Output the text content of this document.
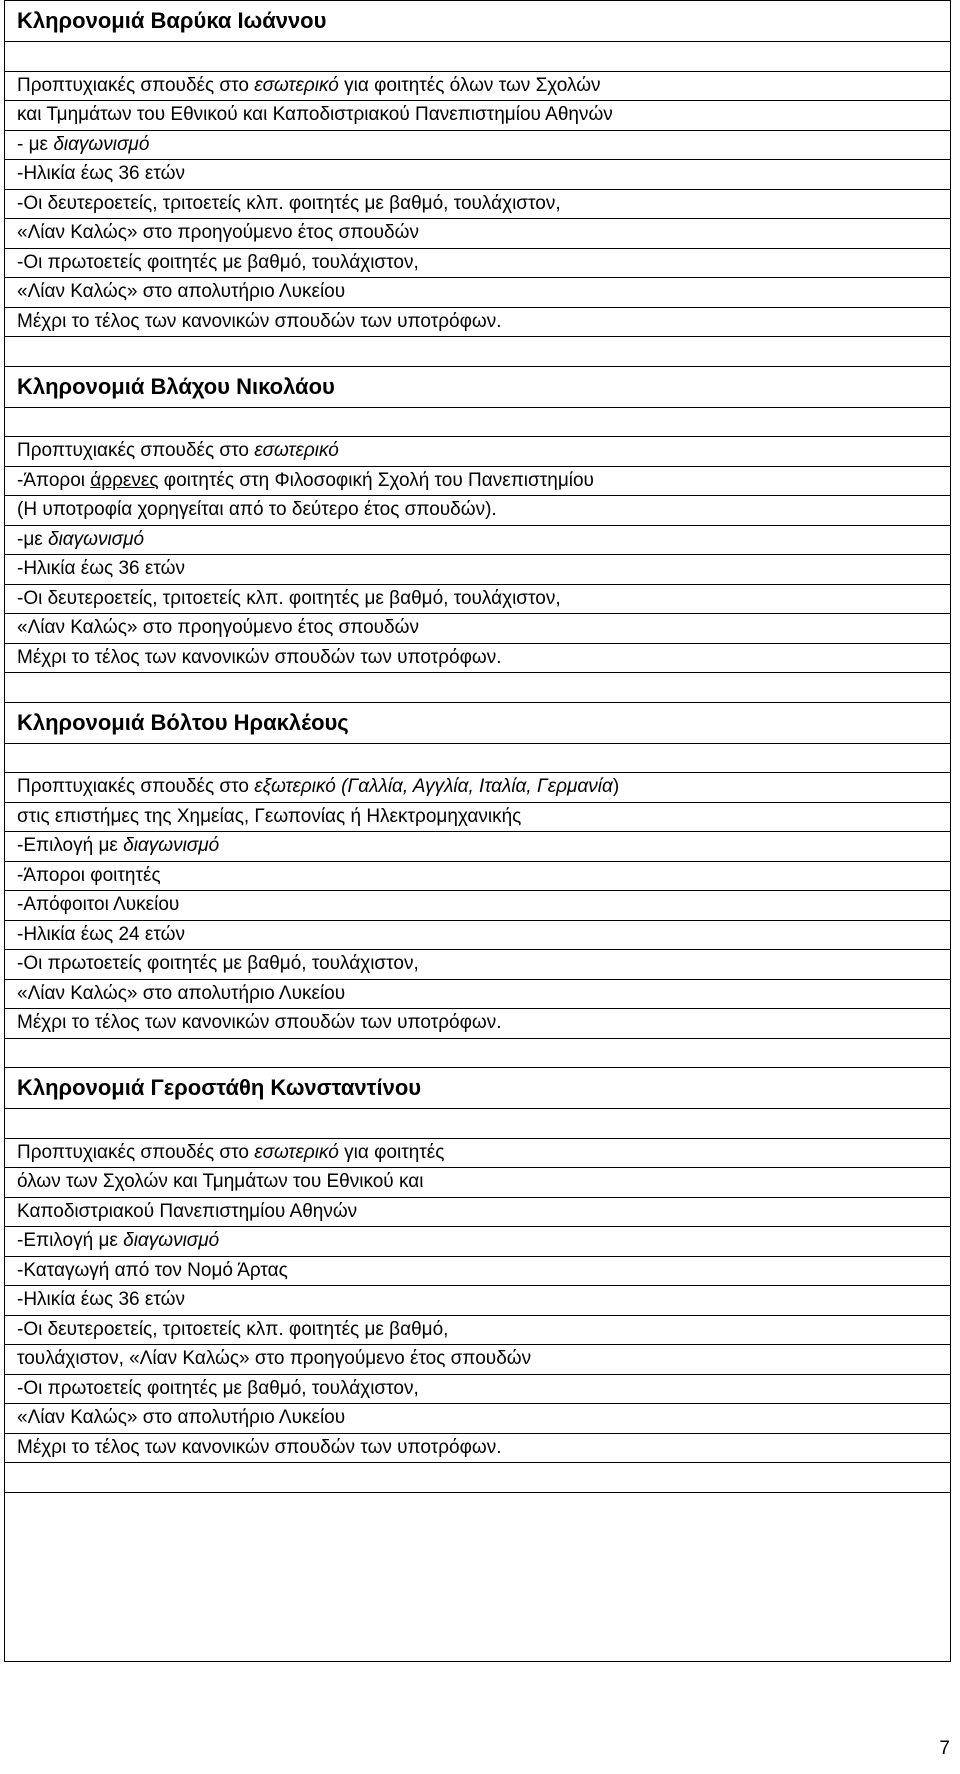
Κληρονομιά Βαρύκα Ιωάννου

Προπτυχιακές σπουδές στο εσωτερικό για φοιτητές όλων των Σχολών
και Τμημάτων του Εθνικού και Καποδιστριακού Πανεπιστημίου Αθηνών
- με διαγωνισμό
-Ηλικία έως 36 ετών
-Οι δευτεροετείς, τριτοετείς κλπ. φοιτητές με βαθμό, τουλάχιστον,
«Λίαν Καλώς» στο προηγούμενο έτος σπουδών
-Οι πρωτοετείς φοιτητές με βαθμό, τουλάχιστον,
«Λίαν Καλώς» στο απολυτήριο Λυκείου
Μέχρι το τέλος των κανονικών σπουδών των υποτρόφων.

Κληρονομιά Βλάχου Νικολάου

Προπτυχιακές σπουδές στο εσωτερικό
-Άποροι άρρενες φοιτητές στη Φιλοσοφική Σχολή του Πανεπιστημίου
(Η υποτροφία χορηγείται από το δεύτερο έτος σπουδών).
-με διαγωνισμό
-Ηλικία έως 36 ετών
-Οι δευτεροετείς, τριτοετείς κλπ. φοιτητές με βαθμό, τουλάχιστον,
«Λίαν Καλώς» στο προηγούμενο έτος σπουδών
Μέχρι το τέλος των κανονικών σπουδών των υποτρόφων.

Κληρονομιά Βόλτου Ηρακλέους

Προπτυχιακές σπουδές στο εξωτερικό (Γαλλία, Αγγλία, Ιταλία, Γερμανία)
στις επιστήμες της Χημείας, Γεωπονίας ή Ηλεκτρομηχανικής
-Επιλογή με διαγωνισμό
-Άποροι φοιτητές
-Απόφοιτοι Λυκείου
-Ηλικία έως 24 ετών
-Οι πρωτοετείς φοιτητές με βαθμό, τουλάχιστον,
«Λίαν Καλώς» στο απολυτήριο Λυκείου
Μέχρι το τέλος των κανονικών σπουδών των υποτρόφων.

Κληρονομιά Γεροστάθη Κωνσταντίνου

Προπτυχιακές σπουδές στο εσωτερικό για φοιτητές
όλων των Σχολών και Τμημάτων του Εθνικού και
Καποδιστριακού Πανεπιστημίου Αθηνών
-Επιλογή με διαγωνισμό
-Καταγωγή από τον Νομό Άρτας
-Ηλικία έως 36 ετών
-Οι δευτεροετείς, τριτοετείς κλπ. φοιτητές με βαθμό,
τουλάχιστον, «Λίαν Καλώς» στο προηγούμενο έτος σπουδών
-Οι πρωτοετείς φοιτητές με βαθμό, τουλάχιστον,
«Λίαν Καλώς» στο απολυτήριο Λυκείου
Μέχρι το τέλος των κανονικών σπουδών των υποτρόφων.

7
